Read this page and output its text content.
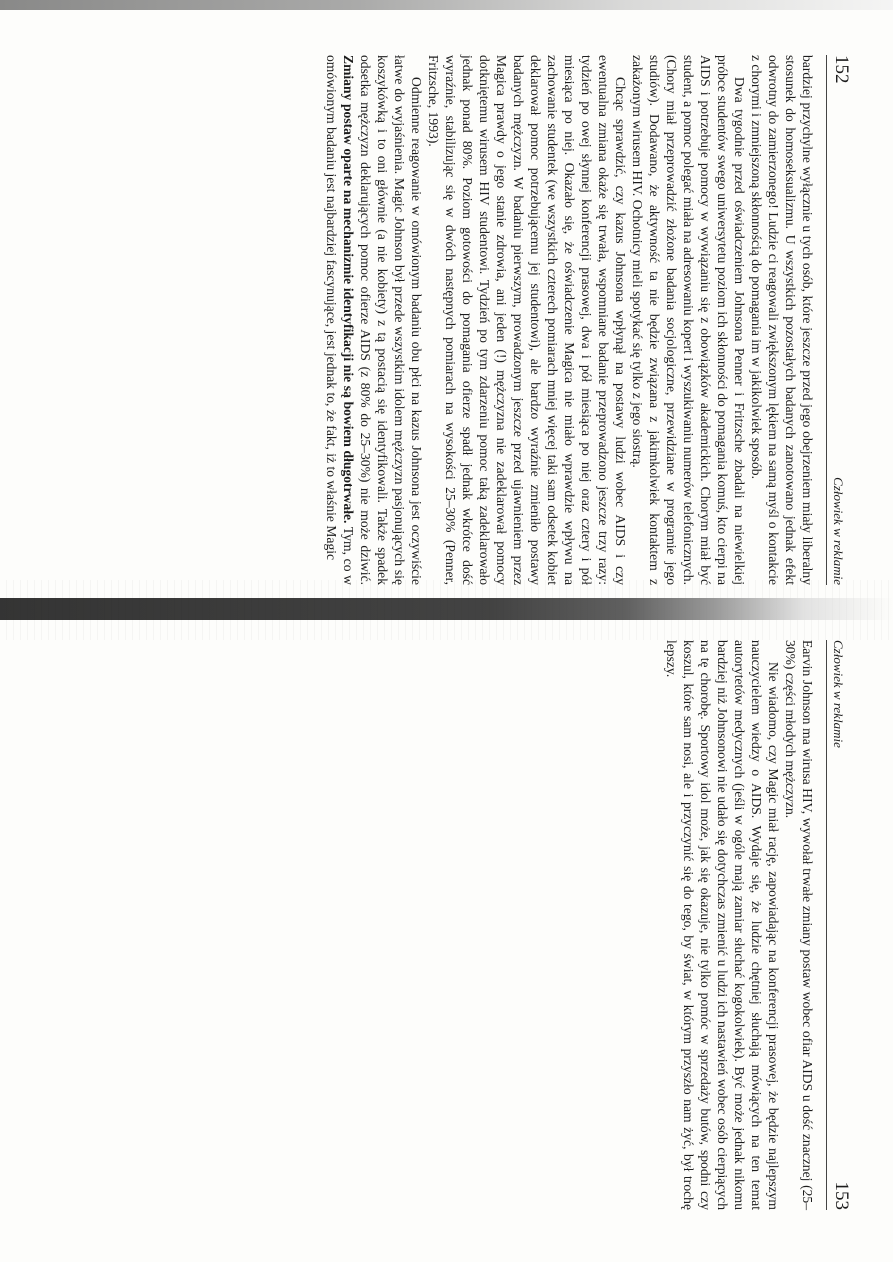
152
Człowiek w reklamie

bardziej przychylne wyłącznie u tych osób, które jeszcze przed jego obejrzeniem miały liberalny stosunek do homoseksualizmu. U wszystkich pozostałych badanych zanotowano jednak efekt odwrotny do zamierzonego! Ludzie ci reagowali zwiększonym lękiem na samą myśl o kontakcie z chorymi i zmniejszoną skłonnością do pomagania im w jakikolwiek sposób.

Dwa tygodnie przed oświadczeniem Johnsona Penner i Fritzsche zbadali na niewielkiej próbce studentów swego uniwersytetu poziom ich skłonności do pomagania komuś, kto cierpi na AIDS i potrzebuje pomocy w wywiązaniu się z obowiązków akademickich. Chorym miał być student, a pomoc polegać miała na adresowaniu kopert i wyszukiwaniu numerów telefonicznych. (Chory miał przeprowadzić złożone badania socjologiczne, przewidziane w programie jego studiów). Dodawano, że aktywność ta nie będzie związana z jakimkolwiek kontaktem z zakażonym wirusem HIV. Ochotnicy mieli spotykać się tylko z jego siostrą.

Chcąc sprawdzić, czy kazus Johnsona wpłynął na postawy ludzi wobec AIDS i czy ewentualna zmiana okaże się trwała, wspomniane badanie przeprowadzono jeszcze trzy razy: tydzień po owej słynnej konferencji prasowej, dwa i pół miesiąca po niej oraz cztery i pół miesiąca po niej. Okazało się, że oświadczenie Magica nie miało wprawdzie wpływu na zachowanie studentek (we wszystkich czterech pomiarach mniej więcej taki sam odsetek kobiet deklarował pomoc potrzebującemu jej studentowi), ale bardzo wyraźnie zmieniło postawy badanych mężczyzn. W badaniu pierwszym, prowadzonym jeszcze przed ujawnieniem przez Magica prawdy o jego stanie zdrowia, ani jeden (!) mężczyzna nie zadeklarował pomocy dotkniętemu wirusem HIV studentowi. Tydzień po tym zdarzeniu pomoc taką zadeklarowało jednak ponad 80%. Poziom gotowości do pomagania ofierze spadł jednak wkrótce dość wyraźnie, stabilizując się w dwóch następnych pomiarach na wysokości 25–30% (Penner, Fritzsche, 1993).

Odmienne reagowanie w omówionym badaniu obu płci na kazus Johnsona jest oczywiście łatwe do wyjaśnienia. Magic Johnson był przede wszystkim idolem mężczyzn pasjonujących się koszykówką i to oni głównie (a nie kobiety) z tą postacią się identyfikowali. Także spadek odsetka mężczyzn deklarujących pomoc ofierze AIDS (z 80% do 25–30%) nie może dziwić. Zmiany postaw oparte na mechanizmie identyfikacji nie są bowiem długotrwałe. Tym, co w omówionym badaniu jest najbardziej fascynujące, jest jednak to, że fakt, iż to właśnie Magic

Człowiek w reklamie
153

Earvin Johnson ma wirusa HIV, wywołał trwałe zmiany postaw wobec ofiar AIDS u dość znacznej (25–30%) części młodych mężczyzn.

Nie wiadomo, czy Magic miał rację, zapowiadając na konferencji prasowej, że będzie najlepszym nauczycielem wiedzy o AIDS. Wydaje się, że ludzie chętniej słuchają mówiących na ten temat autorytetów medycznych (jeśli w ogóle mają zamiar słuchać kogokolwiek). Być może jednak nikomu bardziej niż Johnsonowi nie udało się dotychczas zmienić u ludzi ich nastawień wobec osób cierpiących na tę chorobę. Sportowy idol może, jak się okazuje, nie tylko pomóc w sprzedaży butów, spodni czy koszul, które sam nosi, ale i przyczynić się do tego, by świat, w którym przyszło nam żyć, był trochę lepszy.
